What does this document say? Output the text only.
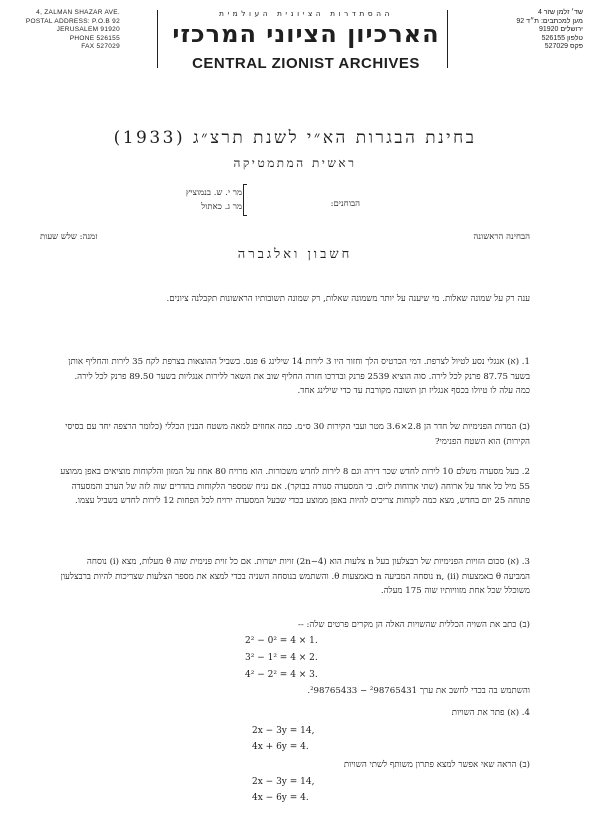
4, ZALMAN SHAZAR AVE.
POSTAL ADDRESS: P.O.B 92
JERUSALEM 91920
PHONE 526155
FAX 527029
ההסתדרות הציונית העולמית
הארכיון הציוני המרכזי
CENTRAL ZIONIST ARCHIVES
שד׳ זלמן שזר 4
מען למכתבים: ת״ד 92
ירושלים 91920
טלפון 526155
פקס 527029
בחינת הבגרות הא״י לשנת תרצ״ג (1933)
ראשית המתמטיקה
הבוחנים:
מר י. ש. בנמוציץ
מר ג. כאתול
הבחינה הראשונה
זמנה: שלש שעות
חשבון ואלגברה
ענה רק על שמונה שאלות. מי שיענה על יותר משמונה שאלות, רק שמונה תשובותיו הראשונות תקבלנה ציונים.
1. (א) אנגלי נסע לטיול לצרפת. דמי הכרטיס הלך וחזור היו 3 לירות 14 שילינג 6 פנס. בשביל ההוצאות בצרפת לקח 35 לירות והחליף אותן בשער 87.75 פרנק לכל לירה. סוה הוציא 2539 פרנק ובדרכו חזרה החליף שוב את השאר ללירות אנגליות בשער 89.50 פרנק לכל לירה. כמה עלה לו טיולו בכסף אנגליז תן תשובה מקורבת עד כדי שילינג אחד.
(ב) המדות הפנימיות של חדר הן 2.8×3.6 מטר ועבי הקירות 30 ס״מ. כמה אחוזים למאה משטח הבנין הכללי (כלומר הרצפה יחד עם בסיסי הקירות) הוא השטח הפנימי?
2. בעל מסעדה משלם 10 לירות לחדש שכר דירה וגם 8 לירות לחדש משכורות. הוא מרויח 80 אחוז על המזון והלקוחות מוציאים באפן ממוצע 55 מיל כל אחד על ארוחה (שתי ארוחות ליום. כי המסעדה סגורה בבוקר). אם נניח שמספר הלקוחות בהדרים שוה לזה של הערב והמסעדה פתוחה 25 יום בחדש, מצא כמה לקוחות צריכים להיות באפן ממוצע בכדי שבעל המסעדה ירויח לכל הפחות 12 לירות לחדש בשביל עצמו.
3. (א) סכום הזויות הפנימיות של רבצלעון בעל n צלעות הוא (2n−4) זויות ישרות. אם כל זוית פנימית שוה θ מעלות, מצא (i) נוסחה המביעה θ באמצעות n, (ii) נוסחה המביעה n באמצעות θ. והשתמש בנוסחה השניה בכדי למצא את מספר הצלעות שצריכות להיות ברבצלעון משוכלל שכל אחת מזוויותיו שוה 175 מעלה.
(ב) כתב את השויה הכללית שהשויות האלה הן מקרים פרטים שלה: --
2² − 0² = 4 × 1.
3² − 1² = 4 × 2.
4² − 2² = 4 × 3.
והשתמש בה בכדי לחשב את ערך ²98765431 − ²98765433.
4. (א) פתר את השויות
2x − 3y = 14,
4x + 6y = 4.
(ב) הראה שאי אפשר למצא פתרון משותף לשתי השויות
2x − 3y = 14,
4x − 6y = 4.
